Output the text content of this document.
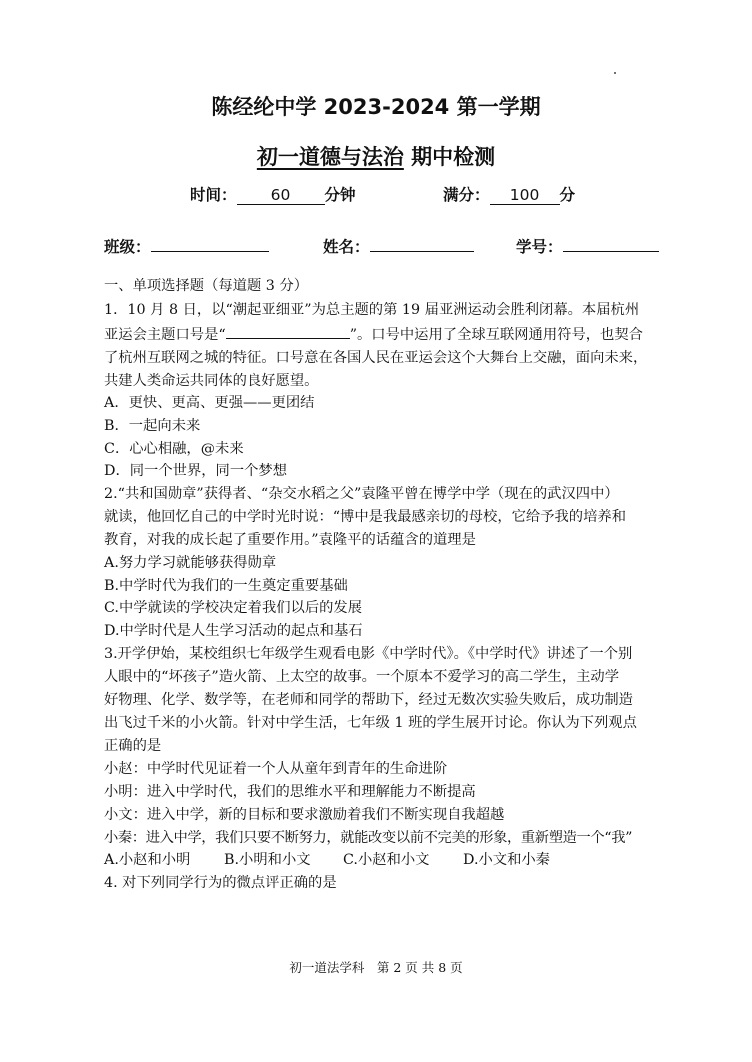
陈经纶中学 2023-2024 第一学期
初一道德与法治 期中检测
时间： 60 分钟	满分： 100 分
班级：	姓名：	学号：
一、单项选择题（每道题 3 分）
1．10 月 8 日，以“潮起亚细亚”为总主题的第 19 届亚洲运动会胜利闭幕。本届杭州
亚运会主题口号是“	”。口号中运用了全球互联网通用符号，也契合
了杭州互联网之城的特征。口号意在各国人民在亚运会这个大舞台上交融，面向未来，
共建人类命运共同体的良好愿望。
A．更快、更高、更强——更团结
B．一起向未来
C．心心相融，@未来
D．同一个世界，同一个梦想
2.“共和国勋章”获得者、“杂交水稻之父”袁隆平曾在博学中学（现在的武汉四中）
就读，他回忆自己的中学时光时说：“博中是我最感亲切的母校，它给予我的培养和
教育，对我的成长起了重要作用。”袁隆平的话蕴含的道理是
A.努力学习就能够获得勋章
B.中学时代为我们的一生奠定重要基础
C.中学就读的学校决定着我们以后的发展
D.中学时代是人生学习活动的起点和基石
3.开学伊始，某校组织七年级学生观看电影《中学时代》。《中学时代》讲述了一个别
人眼中的“坏孩子”造火箭、上太空的故事。一个原本不爱学习的高二学生，主动学
好物理、化学、数学等，在老师和同学的帮助下，经过无数次实验失败后，成功制造
出飞过千米的小火箭。针对中学生活，七年级 1 班的学生展开讨论。你认为下列观点
正确的是
小赵：中学时代见证着一个人从童年到青年的生命进阶
小明：进入中学时代，我们的思维水平和理解能力不断提高
小文：进入中学，新的目标和要求激励着我们不断实现自我超越
小秦：进入中学，我们只要不断努力，就能改变以前不完美的形象，重新塑造一个“我”
A.小赵和小明 B.小明和小文 C.小赵和小文 D.小文和小秦
4. 对下列同学行为的微点评正确的是
初一道法学科　第 2 页 共 8 页
